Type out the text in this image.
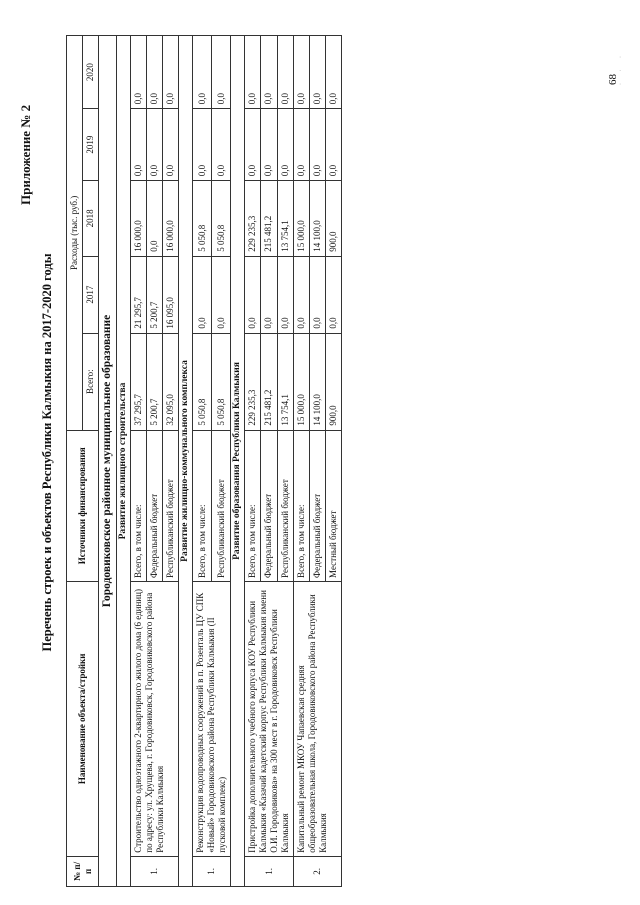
Приложение № 2
Перечень строек и объектов Республики Калмыкия на 2017-2020 годы
№ п/п	Наименование объекта/стройки	Источники финансирования	Расходы (тыс. руб.)				
			Всего:	2017	2018	2019	2020
Городовиковское районное муниципальное образование							
Развитие жилищного строительства							
1.	Строительство одноэтажного 2-квартирного жилого дома (6 единиц) по адресу: ул. Хрущева, г. Городовиковск, Городовиковского района Республики Калмыкия	Всего, в том числе:	37 295,7	21 295,7	16 000,0	0,0	0,0
		Федеральный бюджет	5 200,7	5 200,7	0,0	0,0	0,0
		Республиканский бюджет	32 095,0	16 095,0	16 000,0	0,0	0,0
Развитие жилищно-коммунального комплекса							
1.	Реконструкция водопроводных сооружений в п. Розенталь ЦУ СПК «Новый» Городовиковского района Республики Калмыкия (II пусковой комплекс)	Всего, в том числе:	5 050,8	0,0	5 050,8	0,0	0,0
		Республиканский бюджет	5 050,8	0,0	5 050,8	0,0	0,0
Развитие образования Республики Калмыкия							
1.	Пристройка дополнительного учебного корпуса КОУ Республики Калмыкия «Казачий кадетский корпус Республики Калмыкия имени О.И. Городовикова» на 300 мест в г. Городовиковск Республики Калмыкия	Всего, в том числе:	229 235,3	0,0	229 235,3	0,0	0,0
		Федеральный бюджет	215 481,2	0,0	215 481,2	0,0	0,0
		Республиканский бюджет	13 754,1	0,0	13 754,1	0,0	0,0
2.	Капитальный ремонт МКОУ Чапаевская средняя общеобразовательная школа, Городовиковского района Республики Калмыкия	Всего, в том числе:	15 000,0	0,0	15 000,0	0,0	0,0
		Федеральный бюджет	14 100,0	0,0	14 100,0	0,0	0,0
		Местный бюджет	900,0	0,0	900,0	0,0	0,0
68 · · ·
